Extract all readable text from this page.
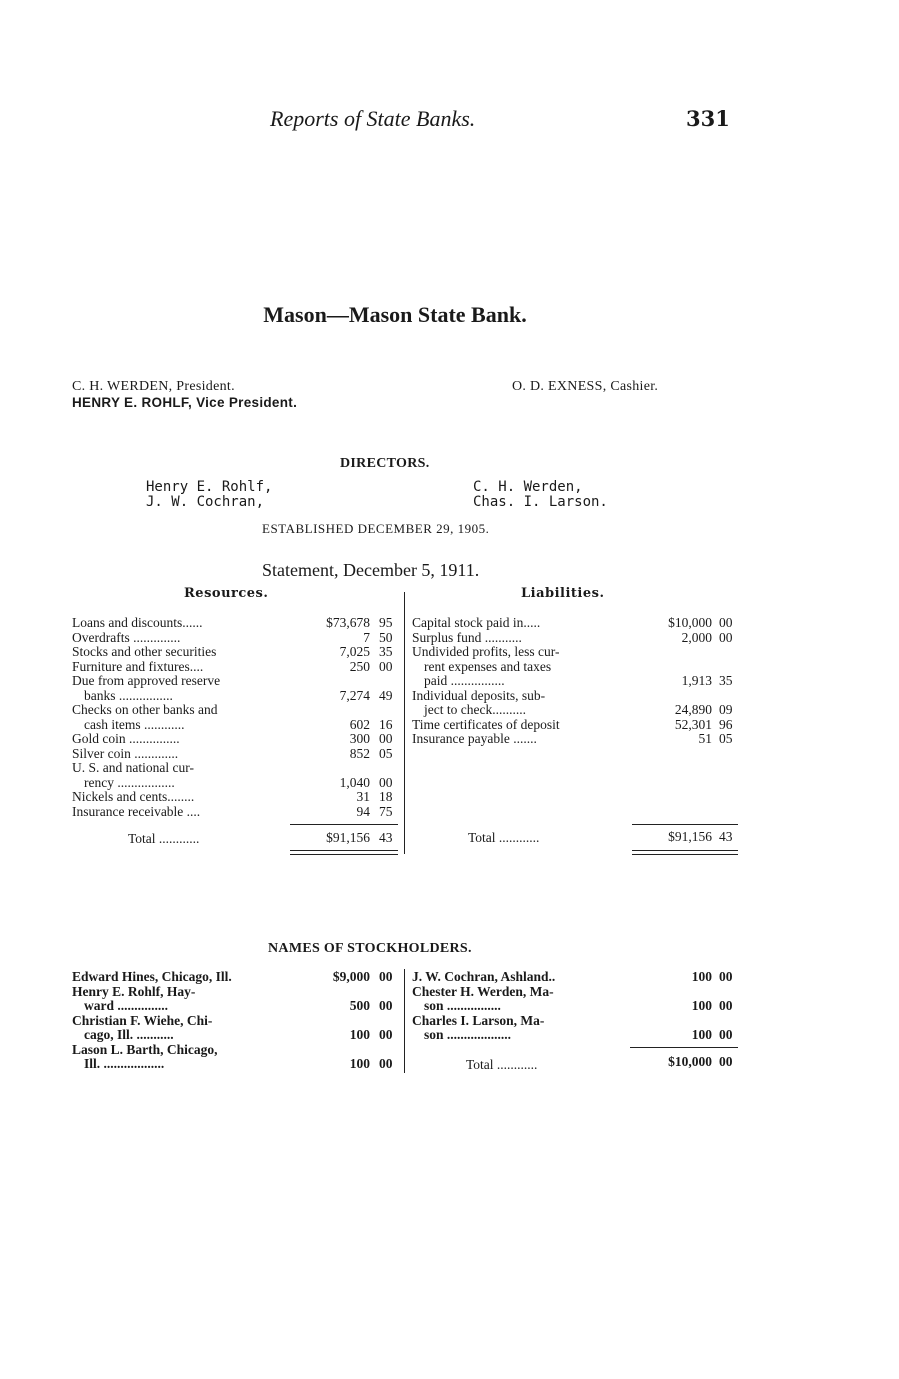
Reports of State Banks.	331
Mason—Mason State Bank.
C. H. WERDEN, President.
HENRY E. ROHLF, Vice President.
O. D. EXNESS, Cashier.
DIRECTORS.
Henry E. Rohlf,
J. W. Cochran,
C. H. Werden,
Chas. I. Larson.
ESTABLISHED DECEMBER 29, 1905.
Statement, December 5, 1911.
Resources.	Liabilities.
Loans and discounts......	$73,678 95
Overdrafts ..............	7 50
Stocks and other securities	7,025 35
Furniture and fixtures....	250 00
Due from approved reserve
banks ................	7,274 49
Checks on other banks and
cash items ............	602 16
Gold coin ...............	300 00
Silver coin .............	852 05
U. S. and national cur-
rency .................	1,040 00
Nickels and cents........	31 18
Insurance receivable ....	94 75
Capital stock paid in.....	$10,000 00
Surplus fund ...........	2,000 00
Undivided profits, less cur-
rent expenses and taxes
paid ................	1,913 35
Individual deposits, sub-
ject to check..........	24,890 09
Time certificates of deposit	52,301 96
Insurance payable .......	51 05
Total ............	$91,156 43	Total ............	$91,156 43
NAMES OF STOCKHOLDERS.
Edward Hines, Chicago, Ill.	$9,000 00
Henry E. Rohlf, Hay-
ward ...............	500 00
Christian F. Wiehe, Chi-
cago, Ill. ...........	100 00
Lason L. Barth, Chicago,
Ill. ..................	100 00
J. W. Cochran, Ashland..	100 00
Chester H. Werden, Ma-
son ................	100 00
Charles I. Larson, Ma-
son ...................	100 00
Total ............	$10,000 00
